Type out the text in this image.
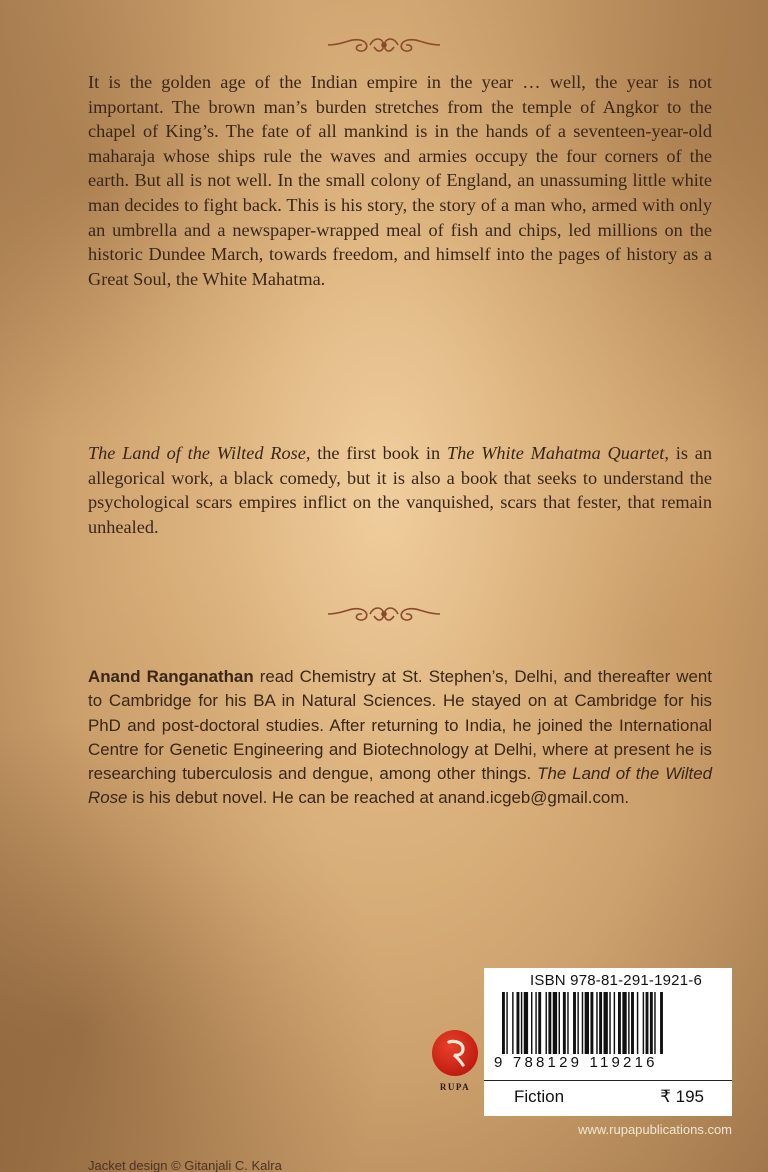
It is the golden age of the Indian empire in the year … well, the year is not important. The brown man’s burden stretches from the temple of Angkor to the chapel of King’s. The fate of all mankind is in the hands of a seventeen-year-old maharaja whose ships rule the waves and armies occupy the four corners of the earth. But all is not well. In the small colony of England, an unassuming little white man decides to fight back. This is his story, the story of a man who, armed with only an umbrella and a newspaper-wrapped meal of fish and chips, led millions on the historic Dundee March, towards freedom, and himself into the pages of history as a Great Soul, the White Mahatma.
The Land of the Wilted Rose, the first book in The White Mahatma Quartet, is an allegorical work, a black comedy, but it is also a book that seeks to understand the psychological scars empires inflict on the vanquished, scars that fester, that remain unhealed.
Anand Ranganathan read Chemistry at St. Stephen’s, Delhi, and thereafter went to Cambridge for his BA in Natural Sciences. He stayed on at Cambridge for his PhD and post-doctoral studies. After returning to India, he joined the International Centre for Genetic Engineering and Biotechnology at Delhi, where at present he is researching tuberculosis and dengue, among other things. The Land of the Wilted Rose is his debut novel. He can be reached at anand.icgeb@gmail.com.
RUPA
ISBN 978-81-291-1921-6
9 788129 119216
Fiction	₹ 195
www.rupapublications.com
Jacket design © Gitanjali C. Kalra
